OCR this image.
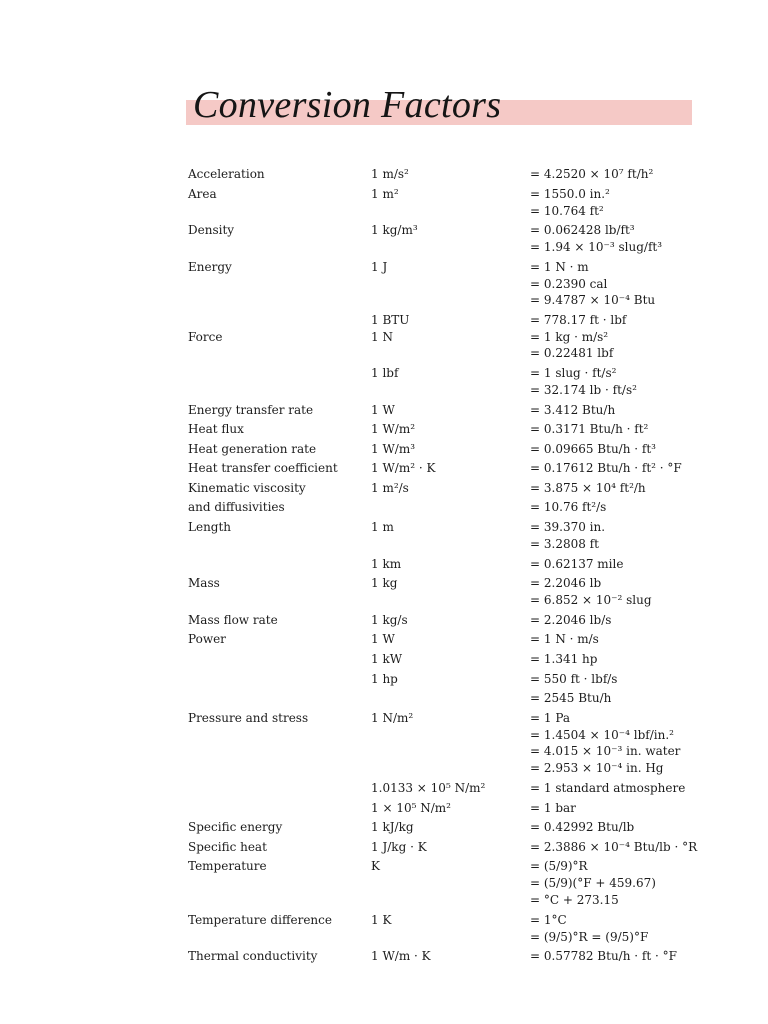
Conversion Factors
Acceleration	1 m/s²	= 4.2520 × 10⁷ ft/h²
Area	1 m²	= 1550.0 in.²
= 10.764 ft²
Density	1 kg/m³	= 0.062428 lb/ft³
= 1.94 × 10⁻³ slug/ft³
Energy	1 J	= 1 N · m
= 0.2390 cal
= 9.4787 × 10⁻⁴ Btu
1 BTU	= 778.17 ft · lbf
Force	1 N	= 1 kg · m/s²
= 0.22481 lbf
1 lbf	= 1 slug · ft/s²
= 32.174 lb · ft/s²
Energy transfer rate	1 W	= 3.412 Btu/h
Heat flux	1 W/m²	= 0.3171 Btu/h · ft²
Heat generation rate	1 W/m³	= 0.09665 Btu/h · ft³
Heat transfer coefficient	1 W/m² · K	= 0.17612 Btu/h · ft² · °F
Kinematic viscosity	1 m²/s	= 3.875 × 10⁴ ft²/h
and diffusivities	= 10.76 ft²/s
Length	1 m	= 39.370 in.
= 3.2808 ft
1 km	= 0.62137 mile
Mass	1 kg	= 2.2046 lb
= 6.852 × 10⁻² slug
Mass flow rate	1 kg/s	= 2.2046 lb/s
Power	1 W	= 1 N · m/s
1 kW	= 1.341 hp
1 hp	= 550 ft · lbf/s
= 2545 Btu/h
Pressure and stress	1 N/m²	= 1 Pa
= 1.4504 × 10⁻⁴ lbf/in.²
= 4.015 × 10⁻³ in. water
= 2.953 × 10⁻⁴ in. Hg
1.0133 × 10⁵ N/m²	= 1 standard atmosphere
1 × 10⁵ N/m²	= 1 bar
Specific energy	1 kJ/kg	= 0.42992 Btu/lb
Specific heat	1 J/kg · K	= 2.3886 × 10⁻⁴ Btu/lb · °R
Temperature	K	= (5/9)°R
= (5/9)(°F + 459.67)
= °C + 273.15
Temperature difference	1 K	= 1°C
= (9/5)°R = (9/5)°F
Thermal conductivity	1 W/m · K	= 0.57782 Btu/h · ft · °F
